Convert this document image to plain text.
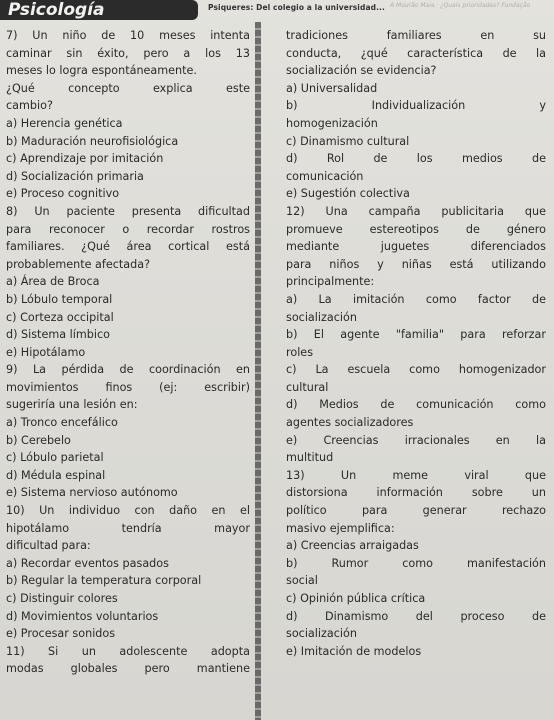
Psicología	Psiqueres: Del colegio a la universidad... A Mourão Maia · ¿Quais prioridades? Fundação
7) Un niño de 10 meses intenta
caminar sin éxito, pero a los 13
meses lo logra espontáneamente.
¿Qué concepto explica este
cambio?
a) Herencia genética
b) Maduración neurofisiológica
c) Aprendizaje por imitación
d) Socialización primaria
e) Proceso cognitivo
8) Un paciente presenta dificultad
para reconocer o recordar rostros
familiares. ¿Qué área cortical está
probablemente afectada?
a) Área de Broca
b) Lóbulo temporal
c) Corteza occipital
d) Sistema límbico
e) Hipotálamo
9) La pérdida de coordinación en
movimientos finos (ej: escribir)
sugeriría una lesión en:
a) Tronco encefálico
b) Cerebelo
c) Lóbulo parietal
d) Médula espinal
e) Sistema nervioso autónomo
10) Un individuo con daño en el
hipotálamo tendría mayor
dificultad para:
a) Recordar eventos pasados
b) Regular la temperatura corporal
c) Distinguir colores
d) Movimientos voluntarios
e) Procesar sonidos
11) Si un adolescente adopta
modas globales pero mantiene
tradiciones familiares en su
conducta, ¿qué característica de la
socialización se evidencia?
a) Universalidad
b) Individualización y
homogenización
c) Dinamismo cultural
d) Rol de los medios de
comunicación
e) Sugestión colectiva
12) Una campaña publicitaria que
promueve estereotipos de género
mediante juguetes diferenciados
para niños y niñas está utilizando
principalmente:
a) La imitación como factor de
socialización
b) El agente "familia" para reforzar
roles
c) La escuela como homogenizador
cultural
d) Medios de comunicación como
agentes socializadores
e) Creencias irracionales en la
multitud
13) Un meme viral que
distorsiona información sobre un
político para generar rechazo
masivo ejemplifica:
a) Creencias arraigadas
b) Rumor como manifestación
social
c) Opinión pública crítica
d) Dinamismo del proceso de
socialización
e) Imitación de modelos
